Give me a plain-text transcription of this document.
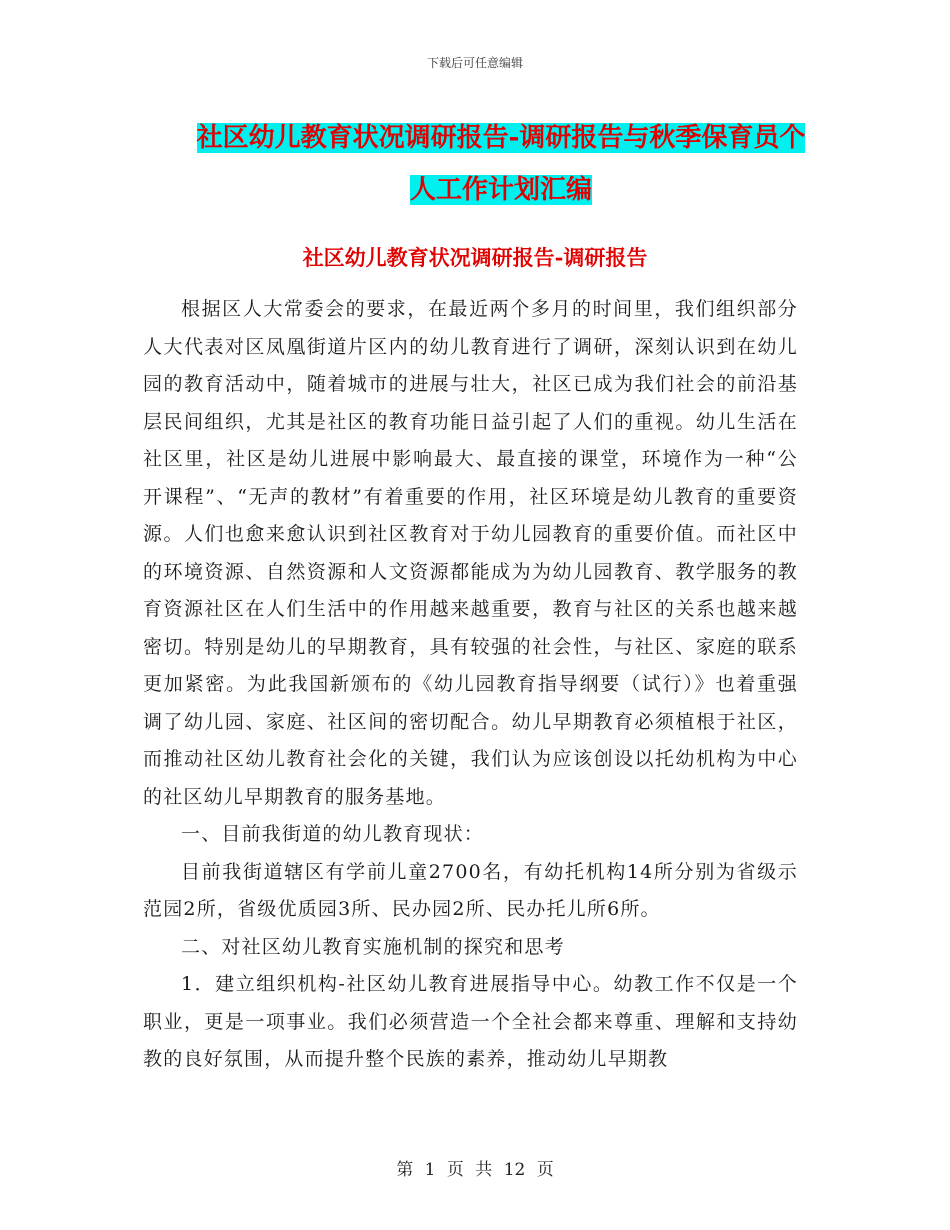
下载后可任意编辑
社区幼儿教育状况调研报告-调研报告与秋季保育员个
人工作计划汇编
社区幼儿教育状况调研报告-调研报告

根据区人大常委会的要求，在最近两个多月的时间里，我们组织部分人大代表对区凤凰街道片区内的幼儿教育进行了调研，深刻认识到在幼儿园的教育活动中，随着城市的进展与壮大，社区已成为我们社会的前沿基层民间组织，尤其是社区的教育功能日益引起了人们的重视。幼儿生活在社区里，社区是幼儿进展中影响最大、最直接的课堂，环境作为一种“公开课程”、“无声的教材”有着重要的作用，社区环境是幼儿教育的重要资源。人们也愈来愈认识到社区教育对于幼儿园教育的重要价值。而社区中的环境资源、自然资源和人文资源都能成为为幼儿园教育、教学服务的教育资源社区在人们生活中的作用越来越重要，教育与社区的关系也越来越密切。特别是幼儿的早期教育，具有较强的社会性，与社区、家庭的联系更加紧密。为此我国新颁布的《幼儿园教育指导纲要（试行）》也着重强调了幼儿园、家庭、社区间的密切配合。幼儿早期教育必须植根于社区，而推动社区幼儿教育社会化的关键，我们认为应该创设以托幼机构为中心的社区幼儿早期教育的服务基地。

一、目前我街道的幼儿教育现状：

目前我街道辖区有学前儿童2700名，有幼托机构14所分别为省级示范园2所，省级优质园3所、民办园2所、民办托儿所6所。

二、对社区幼儿教育实施机制的探究和思考

1．建立组织机构-社区幼儿教育进展指导中心。幼教工作不仅是一个职业，更是一项事业。我们必须营造一个全社会都来尊重、理解和支持幼教的良好氛围，从而提升整个民族的素养，推动幼儿早期教

第 1 页 共 12 页
